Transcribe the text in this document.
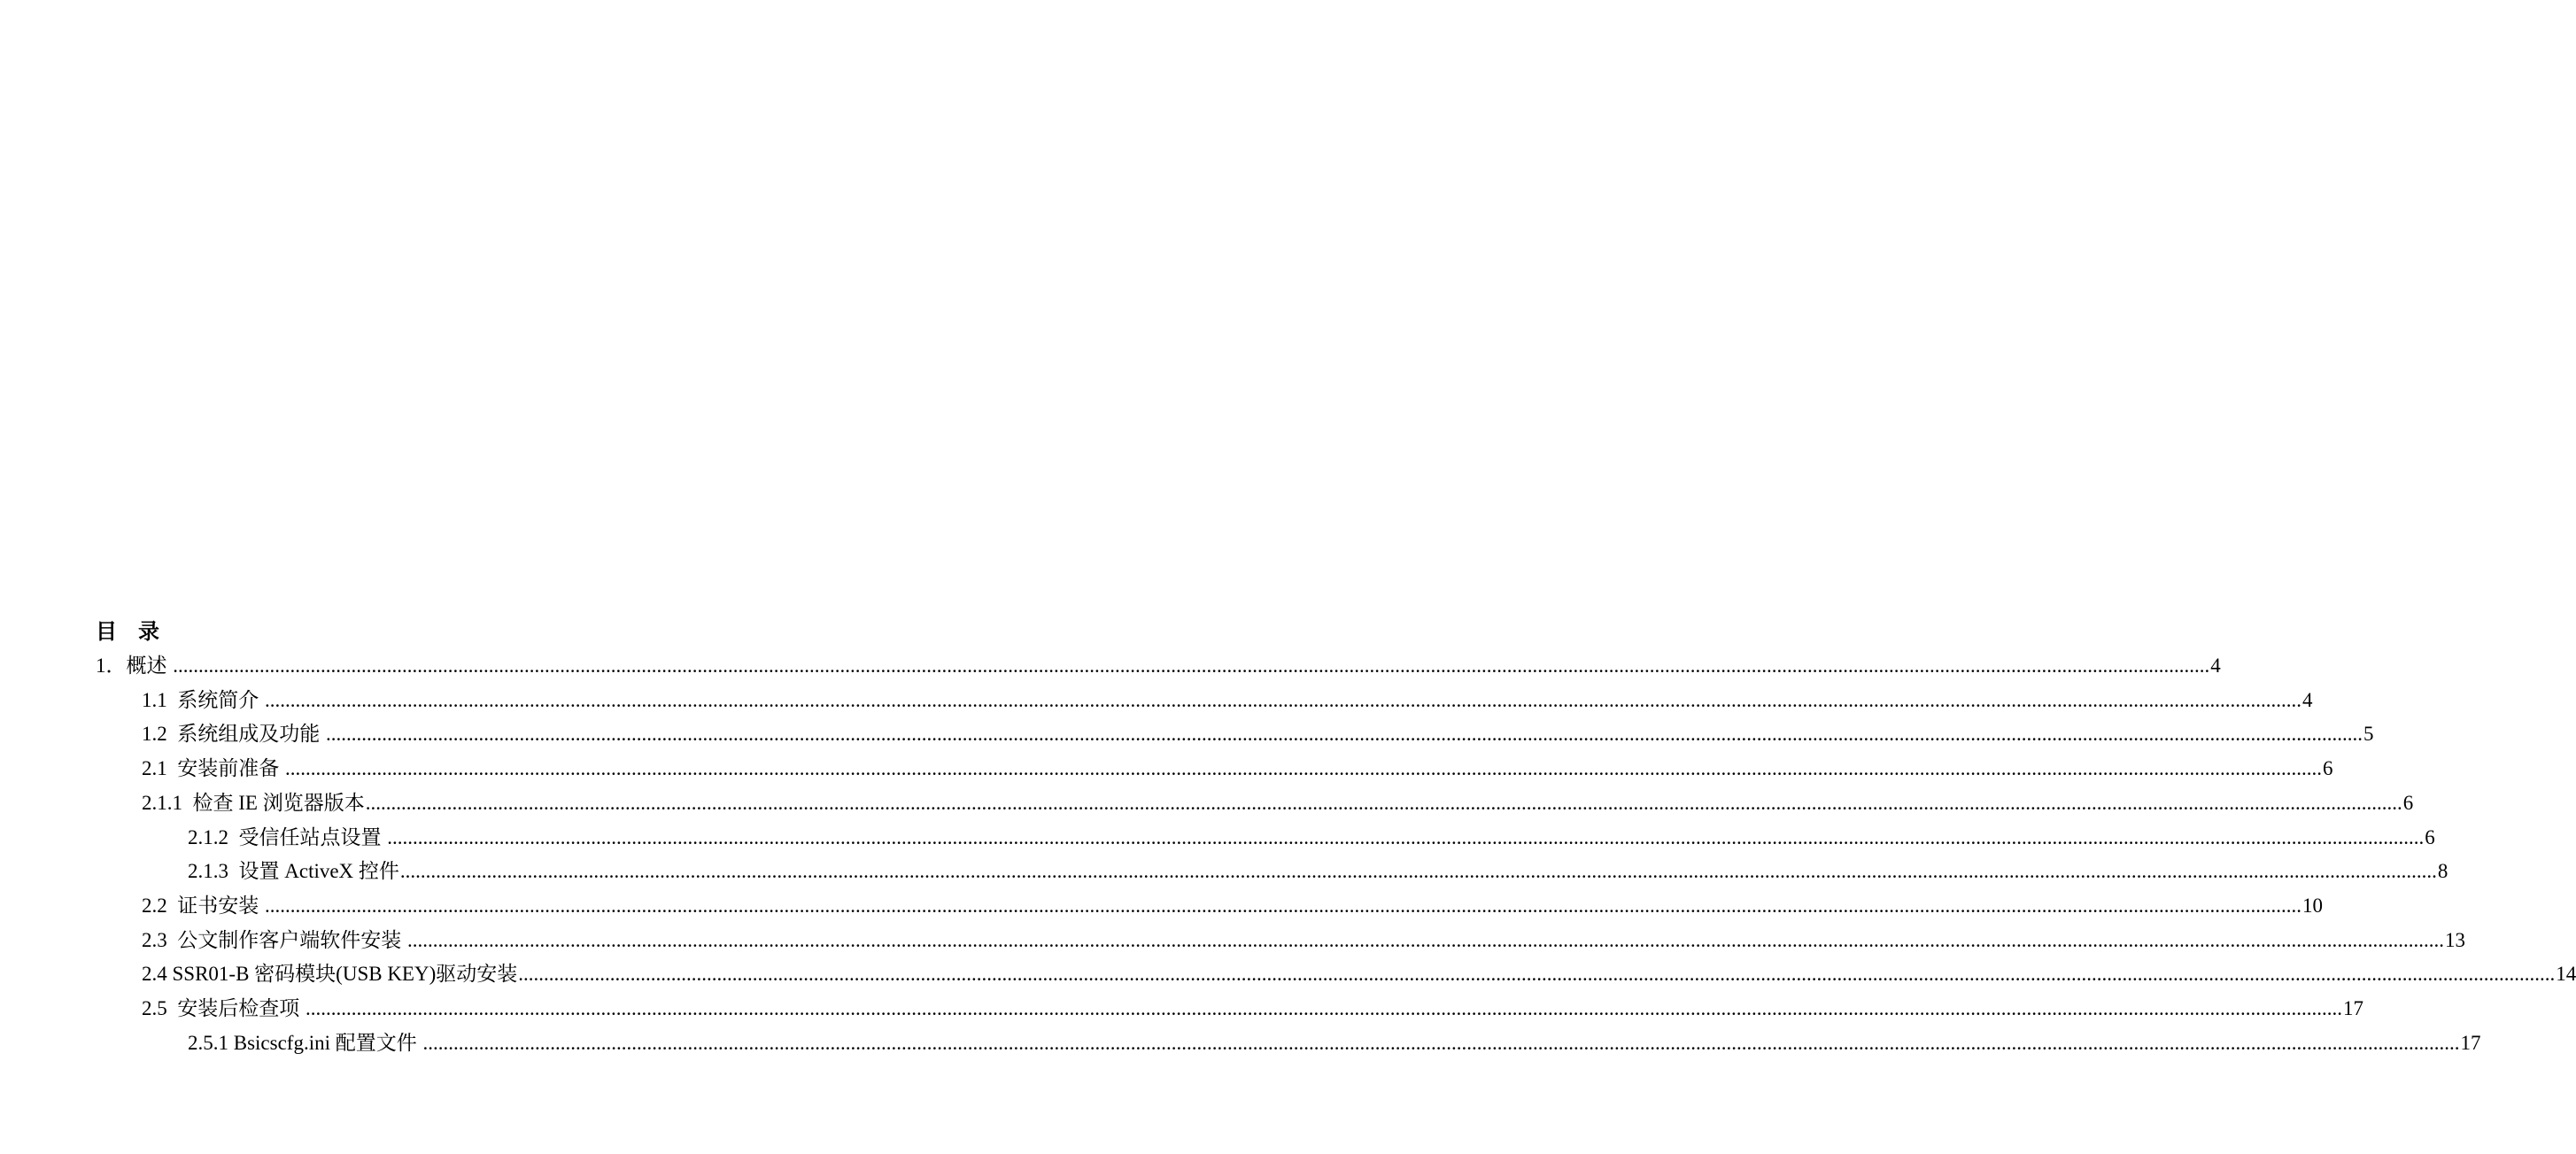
目    录
1．概述 ................................................................................................................................................................................................................................................................................................................................................................................................................ 4
1.1  系统简介 ................................................................................................................................................................................................................................................................................................................................................................................................................ 4
1.2  系统组成及功能 ................................................................................................................................................................................................................................................................................................................................................................................................................ 5
2.1  安装前准备 ................................................................................................................................................................................................................................................................................................................................................................................................................ 6
2.1.1  检查 IE 浏览器版本 ................................................................................................................................................................................................................................................................................................................................................................................................................ 6
2.1.2  受信任站点设置 ................................................................................................................................................................................................................................................................................................................................................................................................................ 6
2.1.3  设置 ActiveX 控件 ................................................................................................................................................................................................................................................................................................................................................................................................................ 8
2.2  证书安装 ................................................................................................................................................................................................................................................................................................................................................................................................................ 10
2.3  公文制作客户端软件安装 ................................................................................................................................................................................................................................................................................................................................................................................................................ 13
2.4 SSR01-B 密码模块(USB KEY)驱动安装 ................................................................................................................................................................................................................................................................................................................................................................................................................ 14
2.5  安装后检查项 ................................................................................................................................................................................................................................................................................................................................................................................................................ 17
2.5.1 Bsicscfg.ini 配置文件 ................................................................................................................................................................................................................................................................................................................................................................................................................ 17
